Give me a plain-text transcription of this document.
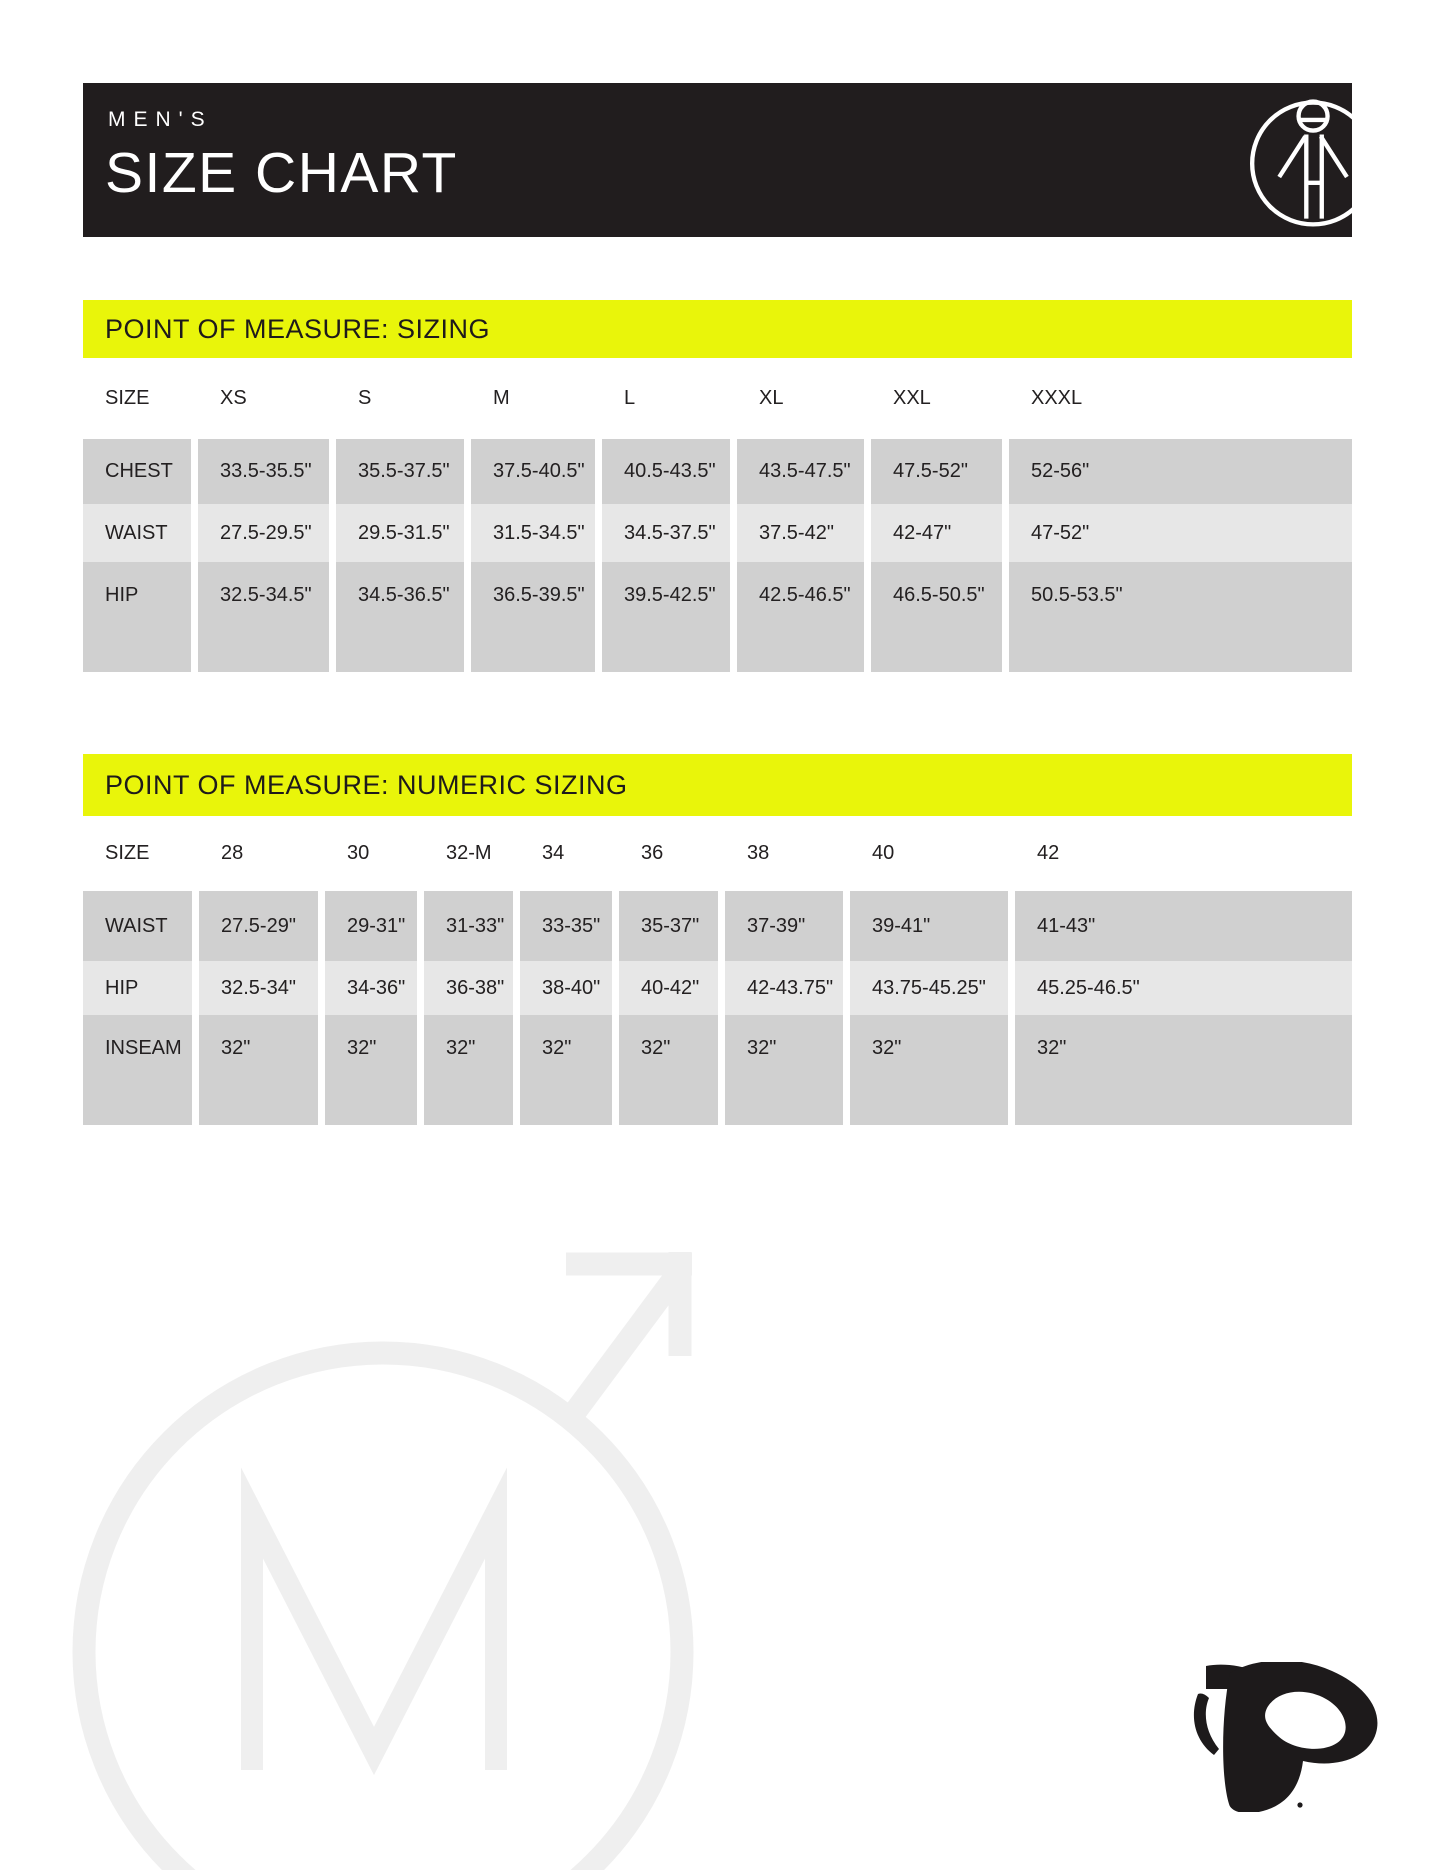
MEN'S
SIZE CHART
POINT OF MEASURE: SIZING
SIZE	XS	S	M	L	XL	XXL	XXXL
CHEST	33.5-35.5"	35.5-37.5"	37.5-40.5"	40.5-43.5"	43.5-47.5"	47.5-52"	52-56"
WAIST	27.5-29.5"	29.5-31.5"	31.5-34.5"	34.5-37.5"	37.5-42"	42-47"	47-52"
HIP	32.5-34.5"	34.5-36.5"	36.5-39.5"	39.5-42.5"	42.5-46.5"	46.5-50.5"	50.5-53.5"
POINT OF MEASURE: NUMERIC SIZING
SIZE	28	30	32-M	34	36	38	40	42
WAIST	27.5-29"	29-31"	31-33"	33-35"	35-37"	37-39"	39-41"	41-43"
HIP	32.5-34"	34-36"	36-38"	38-40"	40-42"	42-43.75"	43.75-45.25"	45.25-46.5"
INSEAM	32"	32"	32"	32"	32"	32"	32"	32"
